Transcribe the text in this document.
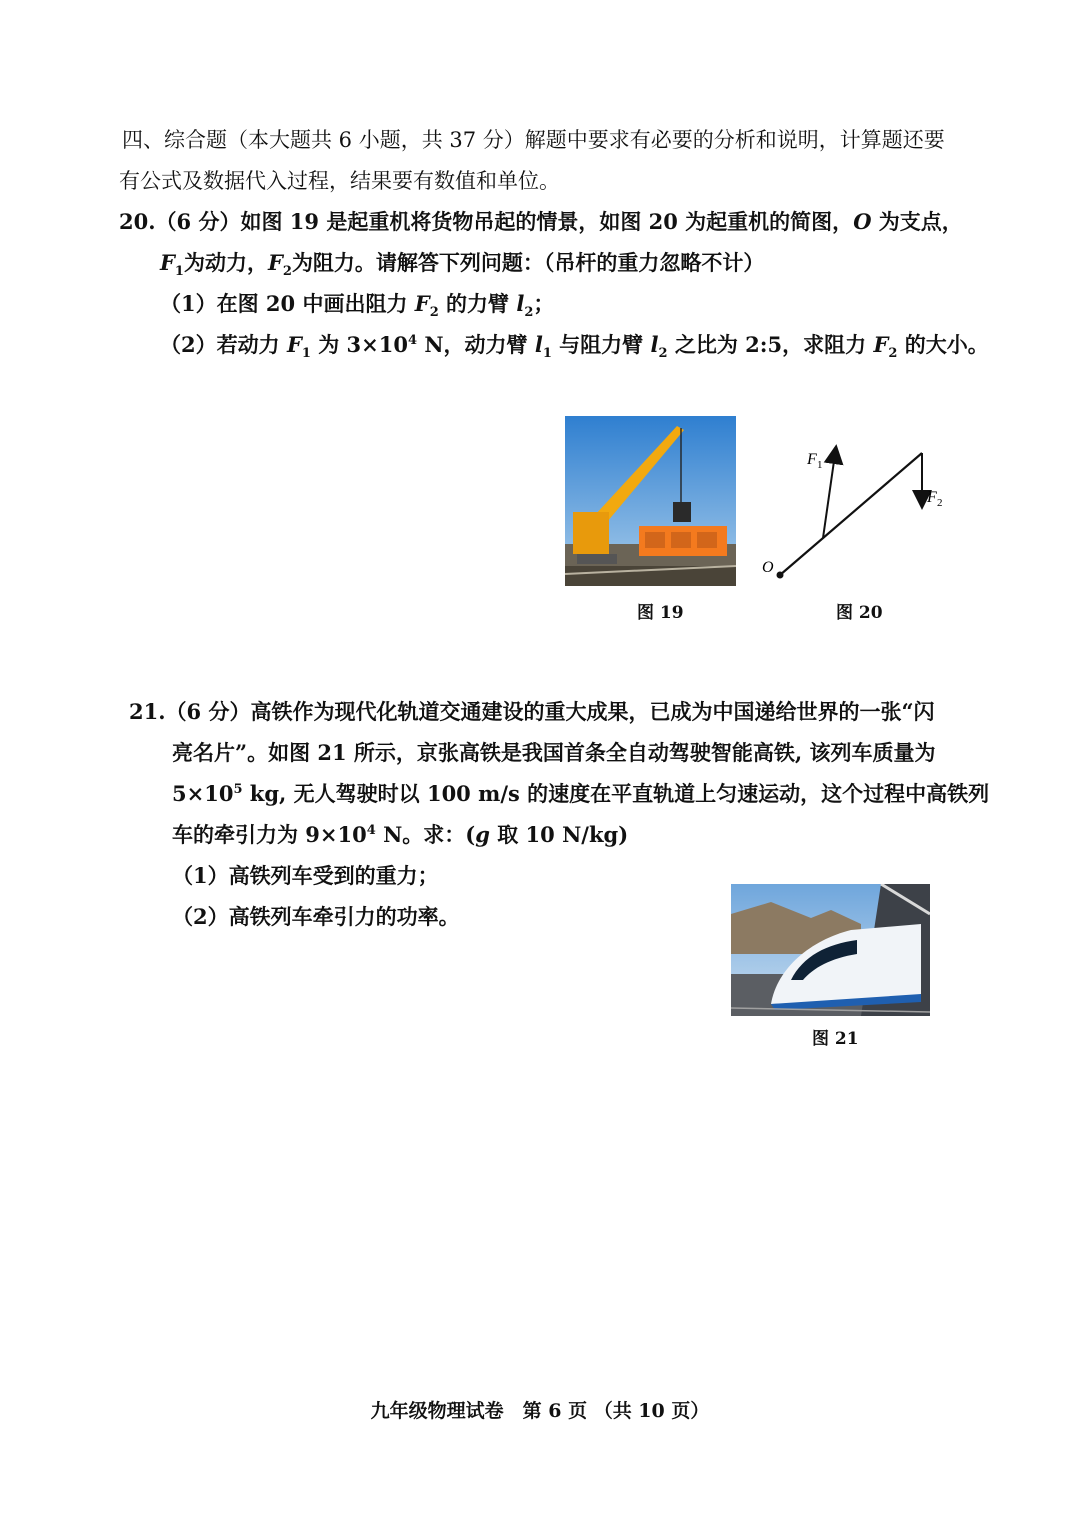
四、综合题（本大题共 6 小题，共 37 分）解题中要求有必要的分析和说明，计算题还要
有公式及数据代入过程，结果要有数值和单位。
20.（6 分）如图 19 是起重机将货物吊起的情景，如图 20 为起重机的简图，O 为支点，
$F_1$为动力，$F_2$为阻力。请解答下列问题：（吊杆的重力忽略不计）
（1）在图 20 中画出阻力 $F_2$ 的力臂 $l_2$；
（2）若动力 $F_1$ 为 $3\times 10^4$ N，动力臂 $l_1$ 与阻力臂 $l_2$ 之比为 2:5，求阻力 $F_2$ 的大小。
O
F 1
F 2
图 19	图 20
21.（6 分）高铁作为现代化轨道交通建设的重大成果，已成为中国递给世界的一张“闪
亮名片”。如图 21 所示，京张高铁是我国首条全自动驾驶智能高铁, 该列车质量为
$5\times 10^5$ kg, 无人驾驶时以 100 m/s 的速度在平直轨道上匀速运动，这个过程中高铁列
车的牵引力为 $9\times 10^4$ N。求：(g 取 10 N/kg)
（1）高铁列车受到的重力；
（2）高铁列车牵引力的功率。
图 21
九年级物理试卷　第 6 页 （共 10 页）
